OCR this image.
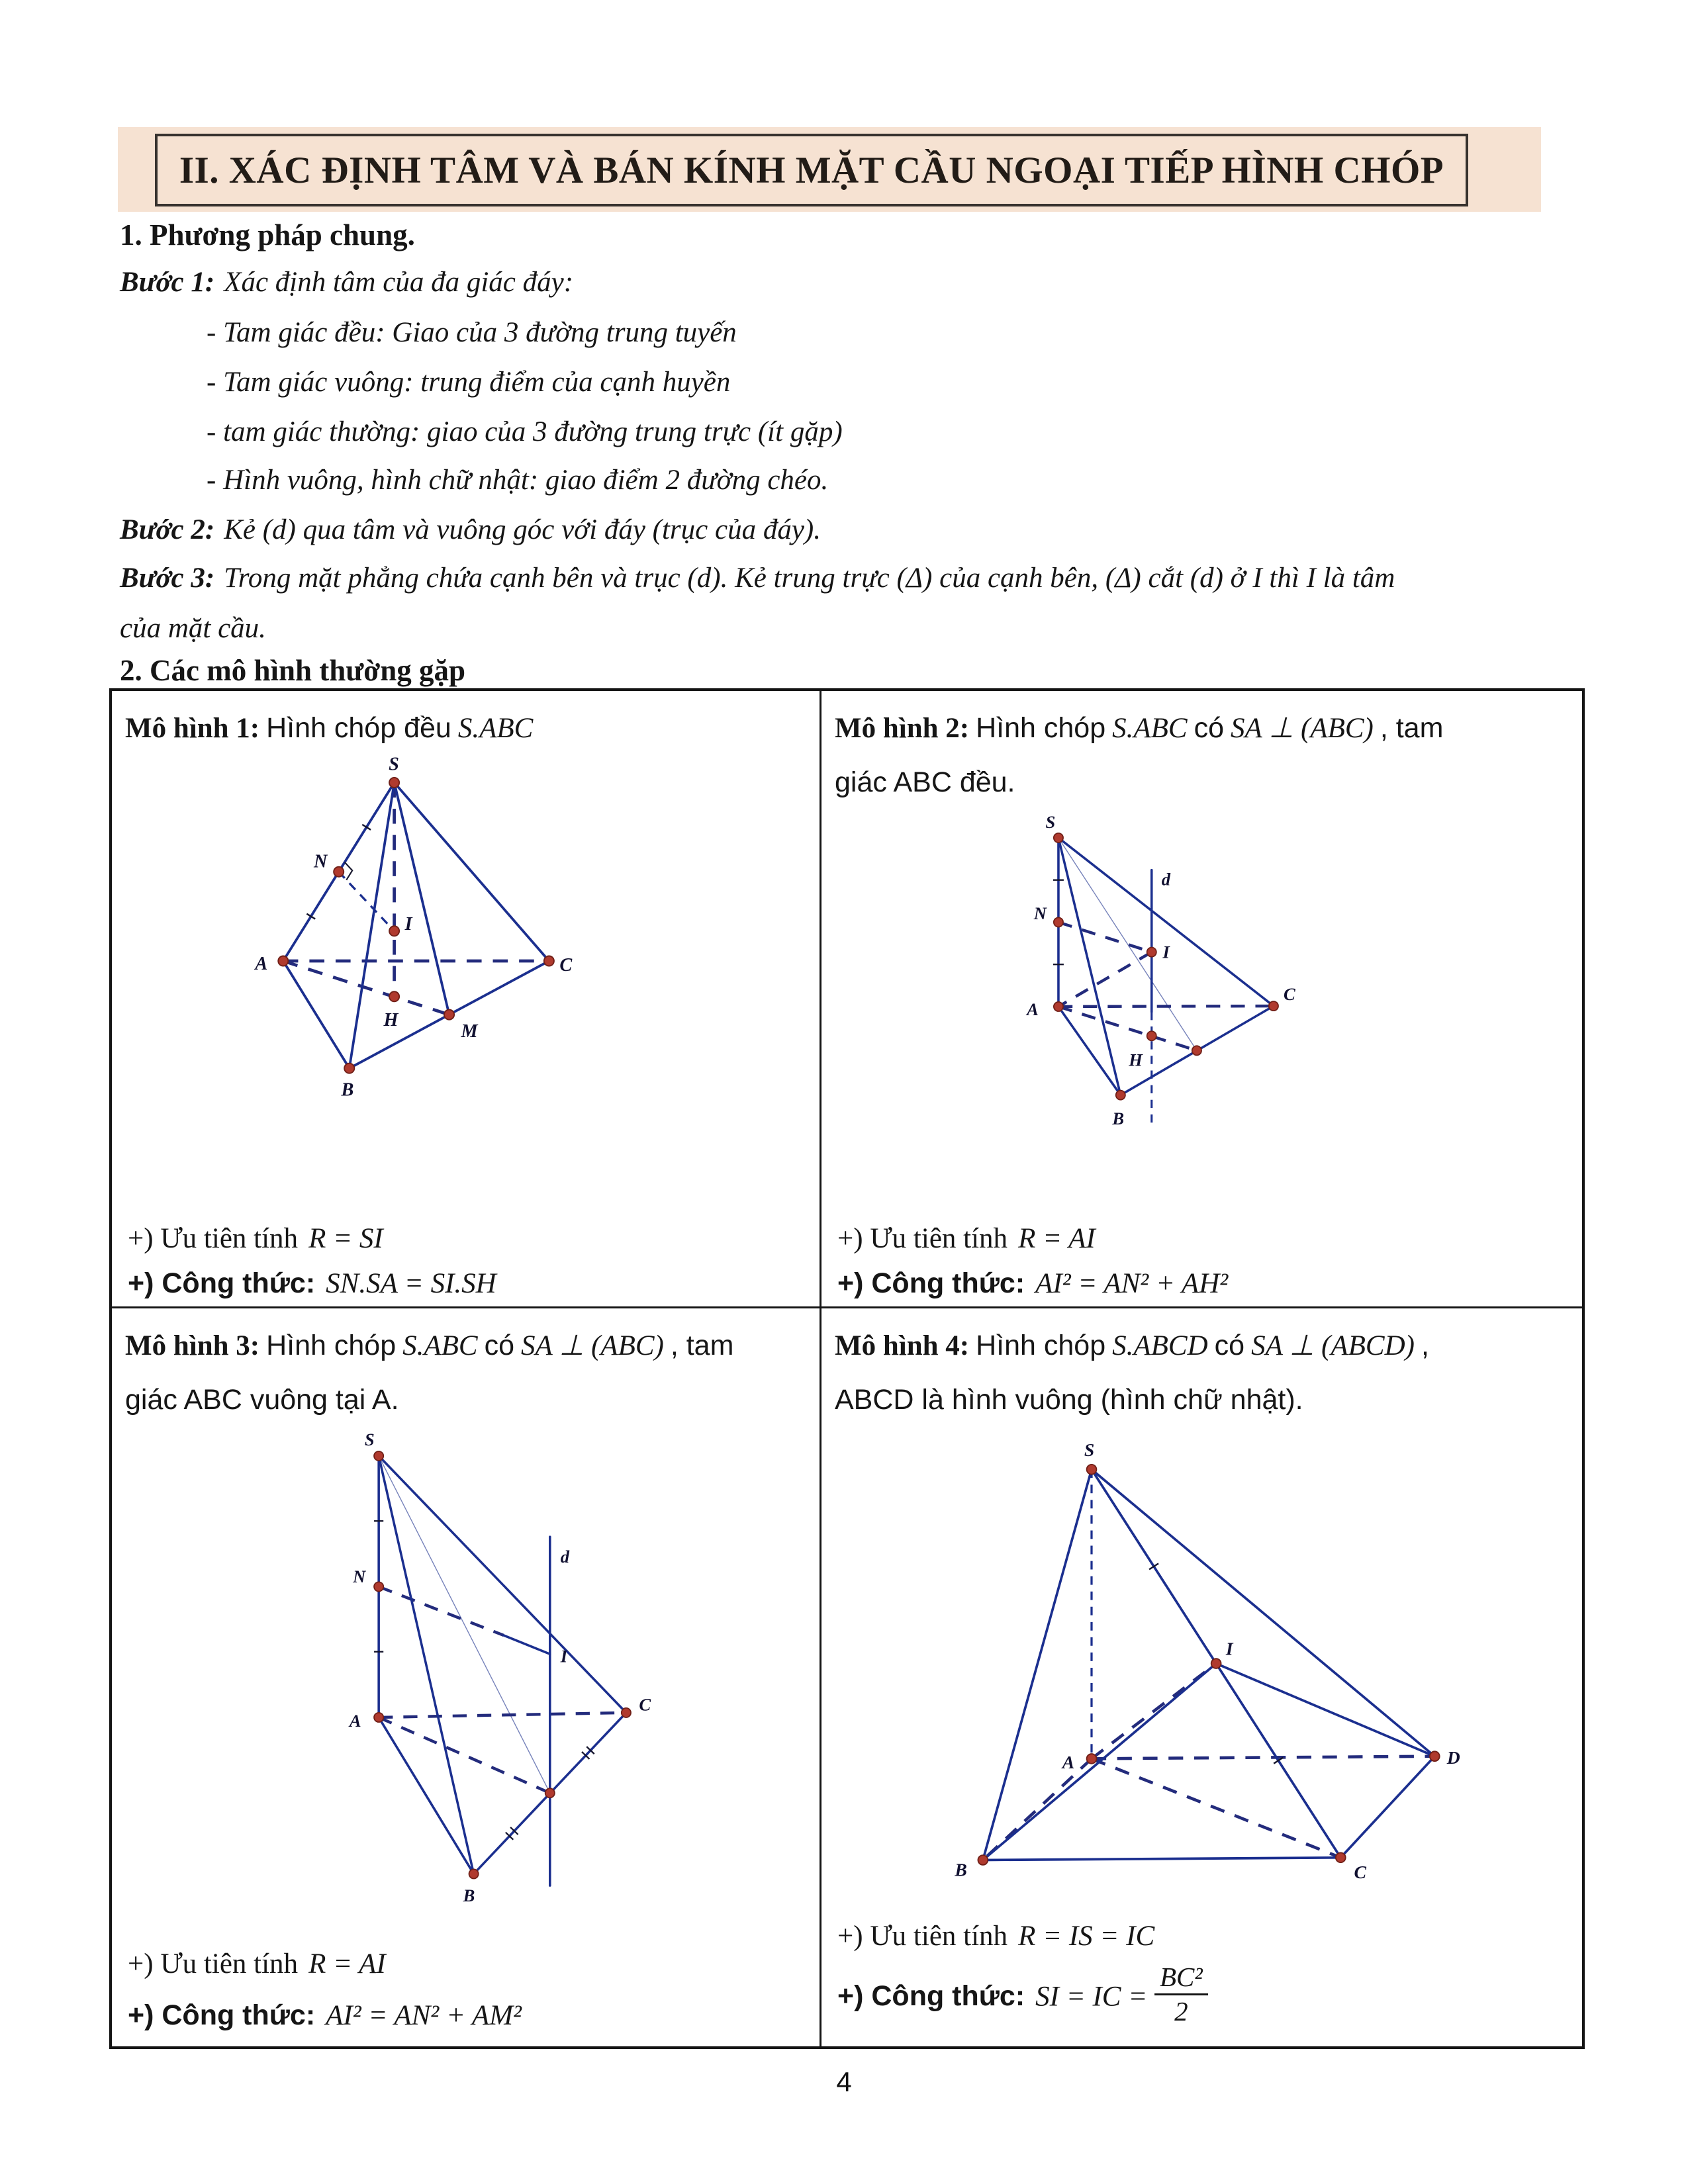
II. XÁC ĐỊNH TÂM VÀ BÁN KÍNH MẶT CẦU NGOẠI TIẾP HÌNH CHÓP
1. Phương pháp chung.
Bước 1: Xác định tâm của đa giác đáy:
- Tam giác đều: Giao của 3 đường trung tuyến
- Tam giác vuông: trung điểm của cạnh huyền
- tam giác thường: giao của 3 đường trung trực (ít gặp)
- Hình vuông, hình chữ nhật: giao điểm 2 đường chéo.
Bước 2: Kẻ (d) qua tâm và vuông góc với đáy (trục của đáy).
Bước 3: Trong mặt phẳng chứa cạnh bên và trục (d). Kẻ trung trực (Δ) của cạnh bên, (Δ) cắt (d) ở I thì I là tâm
của mặt cầu.
2. Các mô hình thường gặp
Mô hình 1: Hình chóp đều S.ABC
S
N
I
A	C
H
M
B
+) Ưu tiên tính R = SI
+) Công thức: SN.SA = SI.SH
Mô hình 2: Hình chóp S.ABC có SA ⊥ (ABC) , tam
giác ABC đều.
S
N
d
I
A
C
H
B
+) Ưu tiên tính R = AI
+) Công thức: AI² = AN² + AH²
Mô hình 3: Hình chóp S.ABC có SA ⊥ (ABC) , tam
giác ABC vuông tại A.
S
N
d
I
A
C
B
+) Ưu tiên tính R = AI
+) Công thức: AI² = AN² + AM²
Mô hình 4: Hình chóp S.ABCD có SA ⊥ (ABCD) ,
ABCD là hình vuông (hình chữ nhật).
S
I
A	D
B	C
+) Ưu tiên tính R = IS = IC
+) Công thức: SI = IC = $\frac{\text{BC²}}{2}$
4
